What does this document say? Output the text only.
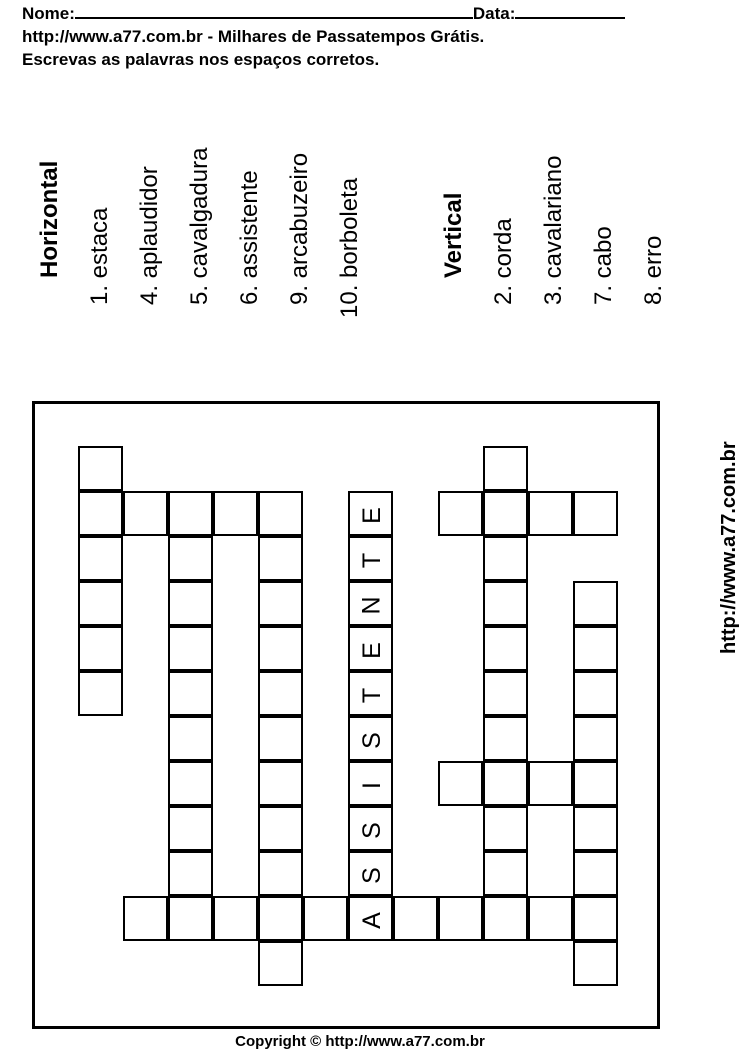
Nome:	Data:
http://www.a77.com.br - Milhares de Passatempos Grátis.
Escrevas as palavras nos espaços corretos.
Horizontal 1. estaca 4. aplaudidor 5. cavalgadura 6. assistente 9. arcabuzeiro 10. borboleta	Vertical 2. corda 3. cavalariano 7. cabo 8. erro
E
T
N
E
T
S
I
S
S
A
http://www.a77.com.br
Copyright © http://www.a77.com.br
